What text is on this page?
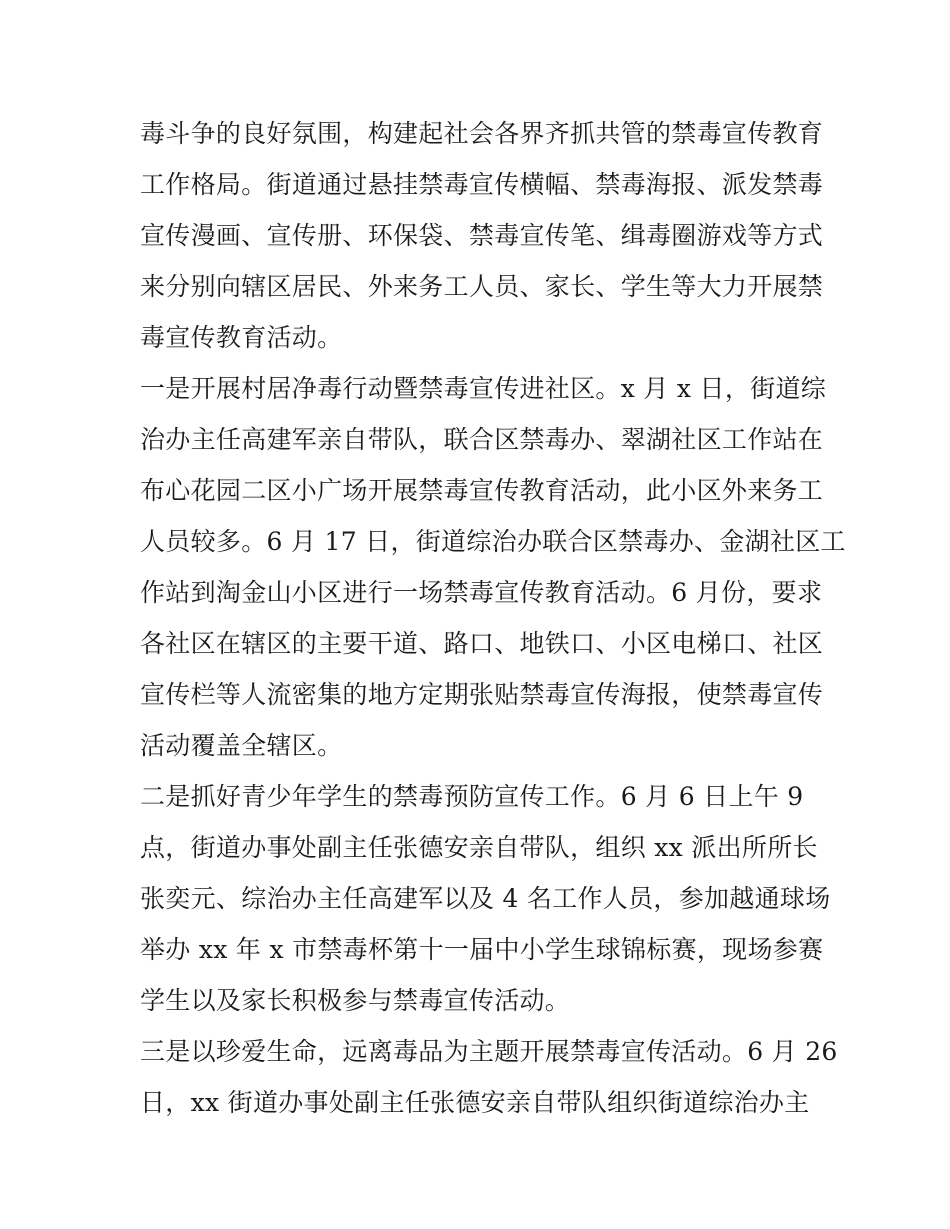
毒斗争的良好氛围，构建起社会各界齐抓共管的禁毒宣传教育
工作格局。街道通过悬挂禁毒宣传横幅、禁毒海报、派发禁毒
宣传漫画、宣传册、环保袋、禁毒宣传笔、缉毒圈游戏等方式
来分别向辖区居民、外来务工人员、家长、学生等大力开展禁
毒宣传教育活动。
一是开展村居净毒行动暨禁毒宣传进社区。x 月 x 日，街道综
治办主任高建军亲自带队，联合区禁毒办、翠湖社区工作站在
布心花园二区小广场开展禁毒宣传教育活动，此小区外来务工
人员较多。6 月 17 日，街道综治办联合区禁毒办、金湖社区工
作站到淘金山小区进行一场禁毒宣传教育活动。6 月份，要求
各社区在辖区的主要干道、路口、地铁口、小区电梯口、社区
宣传栏等人流密集的地方定期张贴禁毒宣传海报，使禁毒宣传
活动覆盖全辖区。
二是抓好青少年学生的禁毒预防宣传工作。6 月 6 日上午 9
点，街道办事处副主任张德安亲自带队，组织 xx 派出所所长
张奕元、综治办主任高建军以及 4 名工作人员，参加越通球场
举办 xx 年 x 市禁毒杯第十一届中小学生球锦标赛，现场参赛
学生以及家长积极参与禁毒宣传活动。
三是以珍爱生命，远离毒品为主题开展禁毒宣传活动。6 月 26
日，xx 街道办事处副主任张德安亲自带队组织街道综治办主
